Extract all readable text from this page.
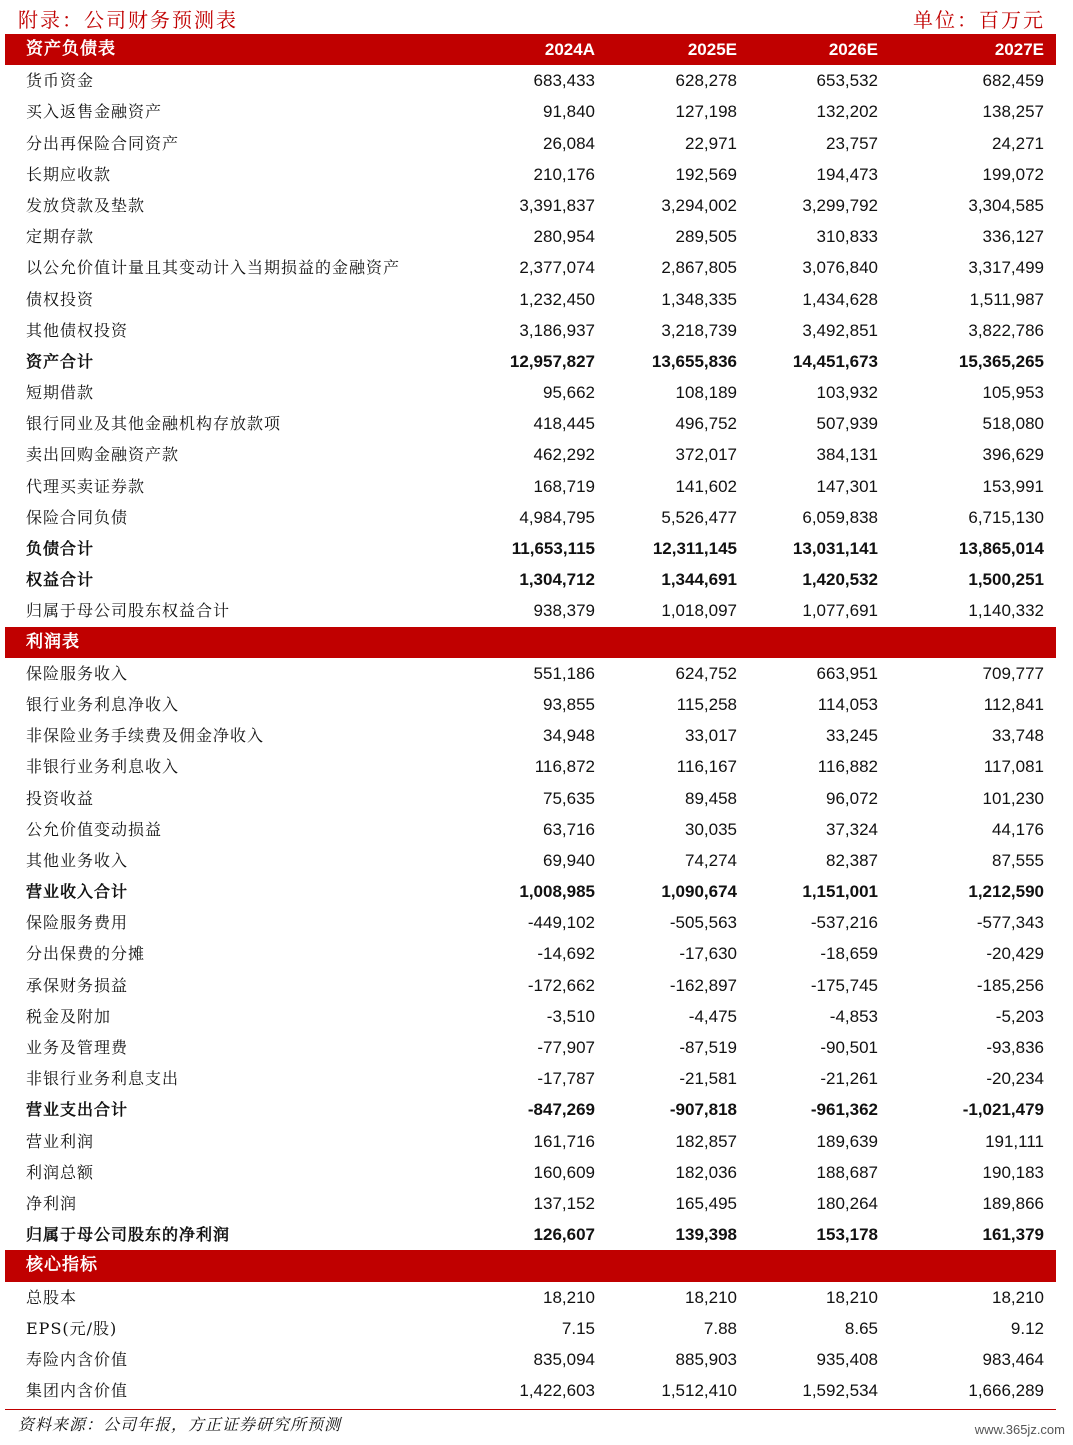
附录：公司财务预测表	单位：百万元
资产负债表	2024A	2025E	2026E	2027E
货币资金	683,433	628,278	653,532	682,459
买入返售金融资产	91,840	127,198	132,202	138,257
分出再保险合同资产	26,084	22,971	23,757	24,271
长期应收款	210,176	192,569	194,473	199,072
发放贷款及垫款	3,391,837	3,294,002	3,299,792	3,304,585
定期存款	280,954	289,505	310,833	336,127
以公允价值计量且其变动计入当期损益的金融资产	2,377,074	2,867,805	3,076,840	3,317,499
债权投资	1,232,450	1,348,335	1,434,628	1,511,987
其他债权投资	3,186,937	3,218,739	3,492,851	3,822,786
资产合计	12,957,827	13,655,836	14,451,673	15,365,265
短期借款	95,662	108,189	103,932	105,953
银行同业及其他金融机构存放款项	418,445	496,752	507,939	518,080
卖出回购金融资产款	462,292	372,017	384,131	396,629
代理买卖证券款	168,719	141,602	147,301	153,991
保险合同负债	4,984,795	5,526,477	6,059,838	6,715,130
负债合计	11,653,115	12,311,145	13,031,141	13,865,014
权益合计	1,304,712	1,344,691	1,420,532	1,500,251
归属于母公司股东权益合计	938,379	1,018,097	1,077,691	1,140,332
利润表
保险服务收入	551,186	624,752	663,951	709,777
银行业务利息净收入	93,855	115,258	114,053	112,841
非保险业务手续费及佣金净收入	34,948	33,017	33,245	33,748
非银行业务利息收入	116,872	116,167	116,882	117,081
投资收益	75,635	89,458	96,072	101,230
公允价值变动损益	63,716	30,035	37,324	44,176
其他业务收入	69,940	74,274	82,387	87,555
营业收入合计	1,008,985	1,090,674	1,151,001	1,212,590
保险服务费用	-449,102	-505,563	-537,216	-577,343
分出保费的分摊	-14,692	-17,630	-18,659	-20,429
承保财务损益	-172,662	-162,897	-175,745	-185,256
税金及附加	-3,510	-4,475	-4,853	-5,203
业务及管理费	-77,907	-87,519	-90,501	-93,836
非银行业务利息支出	-17,787	-21,581	-21,261	-20,234
营业支出合计	-847,269	-907,818	-961,362	-1,021,479
营业利润	161,716	182,857	189,639	191,111
利润总额	160,609	182,036	188,687	190,183
净利润	137,152	165,495	180,264	189,866
归属于母公司股东的净利润	126,607	139,398	153,178	161,379
核心指标
总股本	18,210	18,210	18,210	18,210
EPS(元/股)	7.15	7.88	8.65	9.12
寿险内含价值	835,094	885,903	935,408	983,464
集团内含价值	1,422,603	1,512,410	1,592,534	1,666,289
资料来源：公司年报，方正证券研究所预测	www.365jz.com
